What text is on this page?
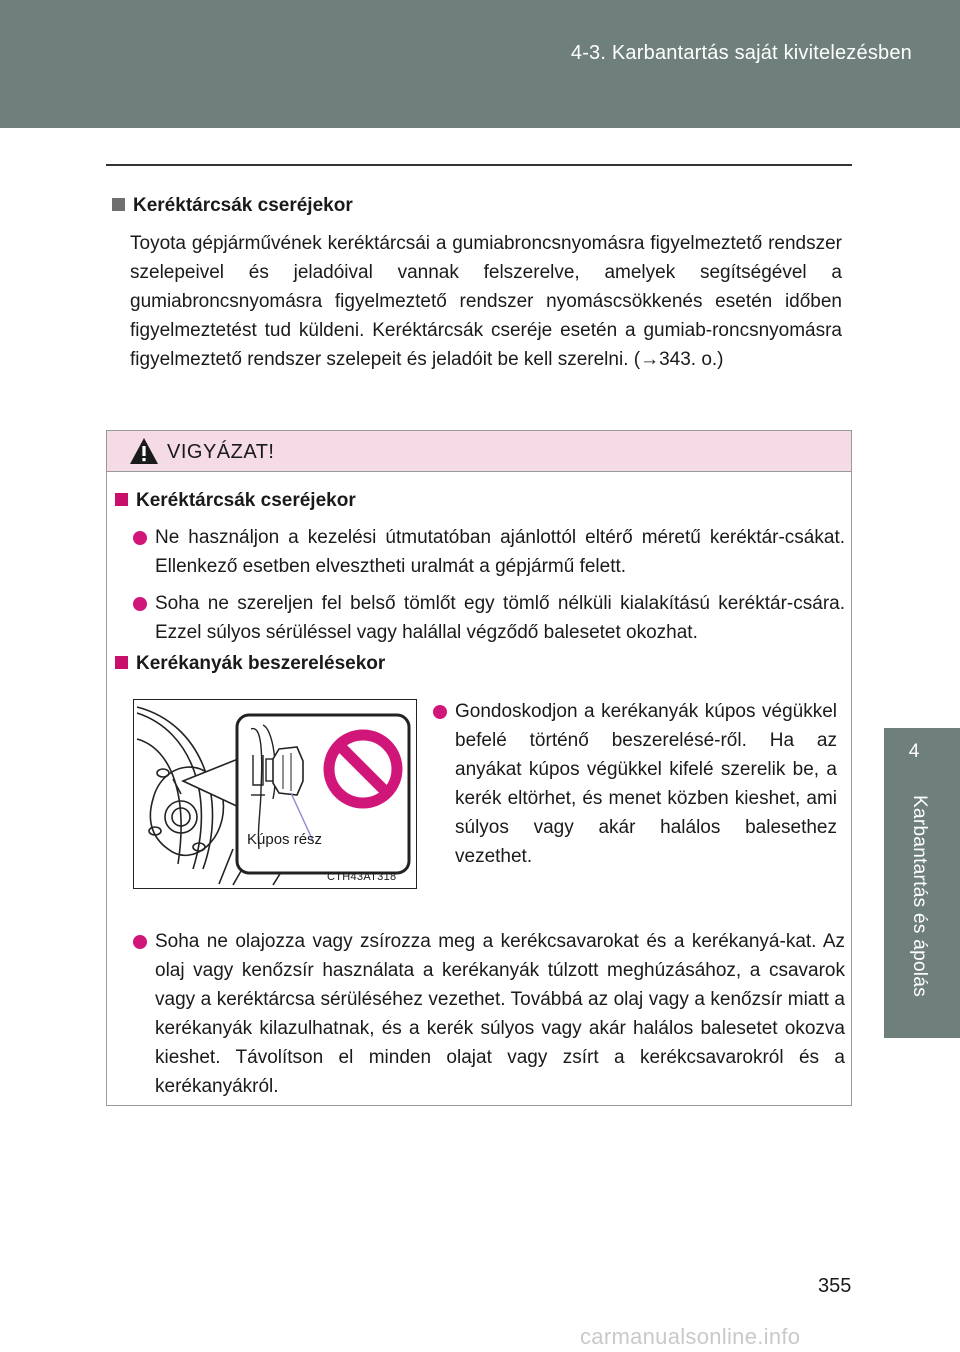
4-3. Karbantartás saját kivitelezésben
4
Karbantartás és ápolás
Keréktárcsák cseréjekor
Toyota gépjárművének keréktárcsái a gumiabroncsnyomásra figyelmeztető rendszer szelepeivel és jeladóival vannak felszerelve, amelyek segítségével a gumiabroncsnyomásra figyelmeztető rendszer nyomáscsökkenés esetén időben figyelmeztetést tud küldeni. Keréktárcsák cseréje esetén a gumiab-roncsnyomásra figyelmeztető rendszer szelepeit és jeladóit be kell szerelni. (→343. o.)
VIGYÁZAT!
Keréktárcsák cseréjekor
Ne használjon a kezelési útmutatóban ajánlottól eltérő méretű keréktár-csákat. Ellenkező esetben elvesztheti uralmát a gépjármű felett.
Soha ne szereljen fel belső tömlőt egy tömlő nélküli kialakítású keréktár-csára. Ezzel súlyos sérüléssel vagy halállal végződő balesetet okozhat.
Kerékanyák beszerelésekor
Kúpos rész
CTH43AT318
Gondoskodjon a kerékanyák kúpos végükkel befelé történő beszerelésé-ről. Ha az anyákat kúpos végükkel kifelé szerelik be, a kerék eltörhet, és menet közben kieshet, ami súlyos vagy akár halálos balesethez vezethet.
Soha ne olajozza vagy zsírozza meg a kerékcsavarokat és a kerékanyá-kat. Az olaj vagy kenőzsír használata a kerékanyák túlzott meghúzásához, a csavarok vagy a keréktárcsa sérüléséhez vezethet. Továbbá az olaj vagy a kenőzsír miatt a kerékanyák kilazulhatnak, és a kerék súlyos vagy akár halálos balesetet okozva kieshet. Távolítson el minden olajat vagy zsírt a kerékcsavarokról és a kerékanyákról.
355
carmanualsonline.info
